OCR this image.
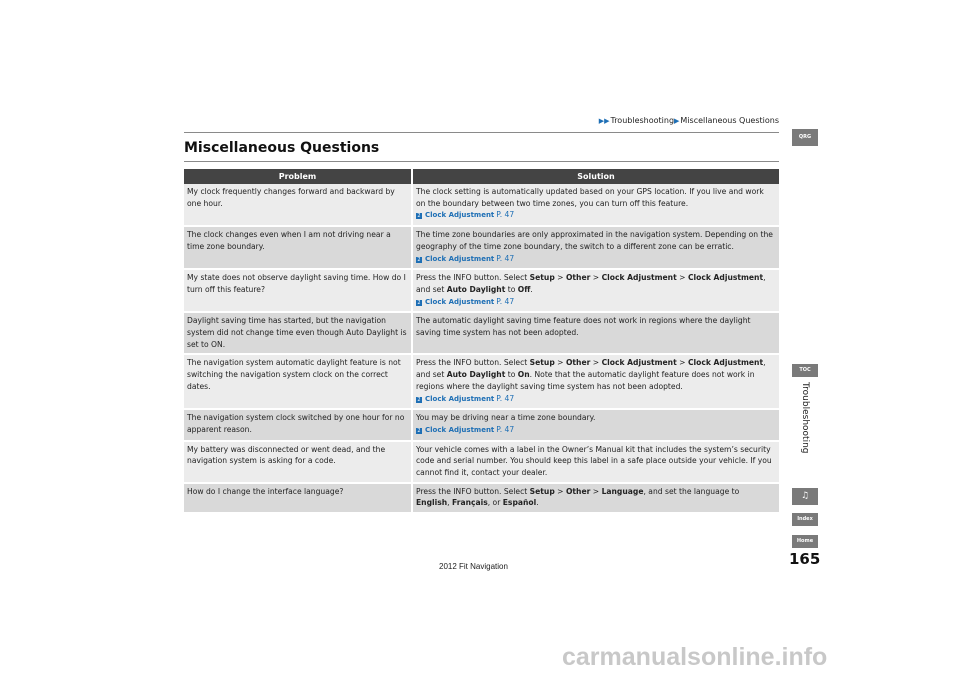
▶▶Troubleshooting▶Miscellaneous Questions
Miscellaneous Questions
Problem	Solution
My clock frequently changes forward and backward by one hour.	The clock setting is automatically updated based on your GPS location. If you live and work on the boundary between two time zones, you can turn off this feature.
2 Clock Adjustment P. 47

The clock changes even when I am not driving near a time zone boundary.	The time zone boundaries are only approximated in the navigation system. Depending on the geography of the time zone boundary, the switch to a different zone can be erratic.
2 Clock Adjustment P. 47

My state does not observe daylight saving time. How do I turn off this feature?	Press the INFO button. Select Setup > Other > Clock Adjustment > Clock Adjustment, and set Auto Daylight to Off.
2 Clock Adjustment P. 47

Daylight saving time has started, but the navigation system did not change time even though Auto Daylight is set to ON.	The automatic daylight saving time feature does not work in regions where the daylight saving time system has not been adopted.
The navigation system automatic daylight feature is not switching the navigation system clock on the correct dates.	Press the INFO button. Select Setup > Other > Clock Adjustment > Clock Adjustment, and set Auto Daylight to On. Note that the automatic daylight feature does not work in regions where the daylight saving time system has not been adopted.
2 Clock Adjustment P. 47

The navigation system clock switched by one hour for no apparent reason.	You may be driving near a time zone boundary.
2 Clock Adjustment P. 47

My battery was disconnected or went dead, and the navigation system is asking for a code.	Your vehicle comes with a label in the Owner’s Manual kit that includes the system’s security code and serial number. You should keep this label in a safe place outside your vehicle. If you cannot find it, contact your dealer.
How do I change the interface language?	Press the INFO button. Select Setup > Other > Language, and set the language to English, Français, or Español.
QRG
TOC
Troubleshooting
♫
Index
Home
165
2012 Fit Navigation
carmanualsonline.info
